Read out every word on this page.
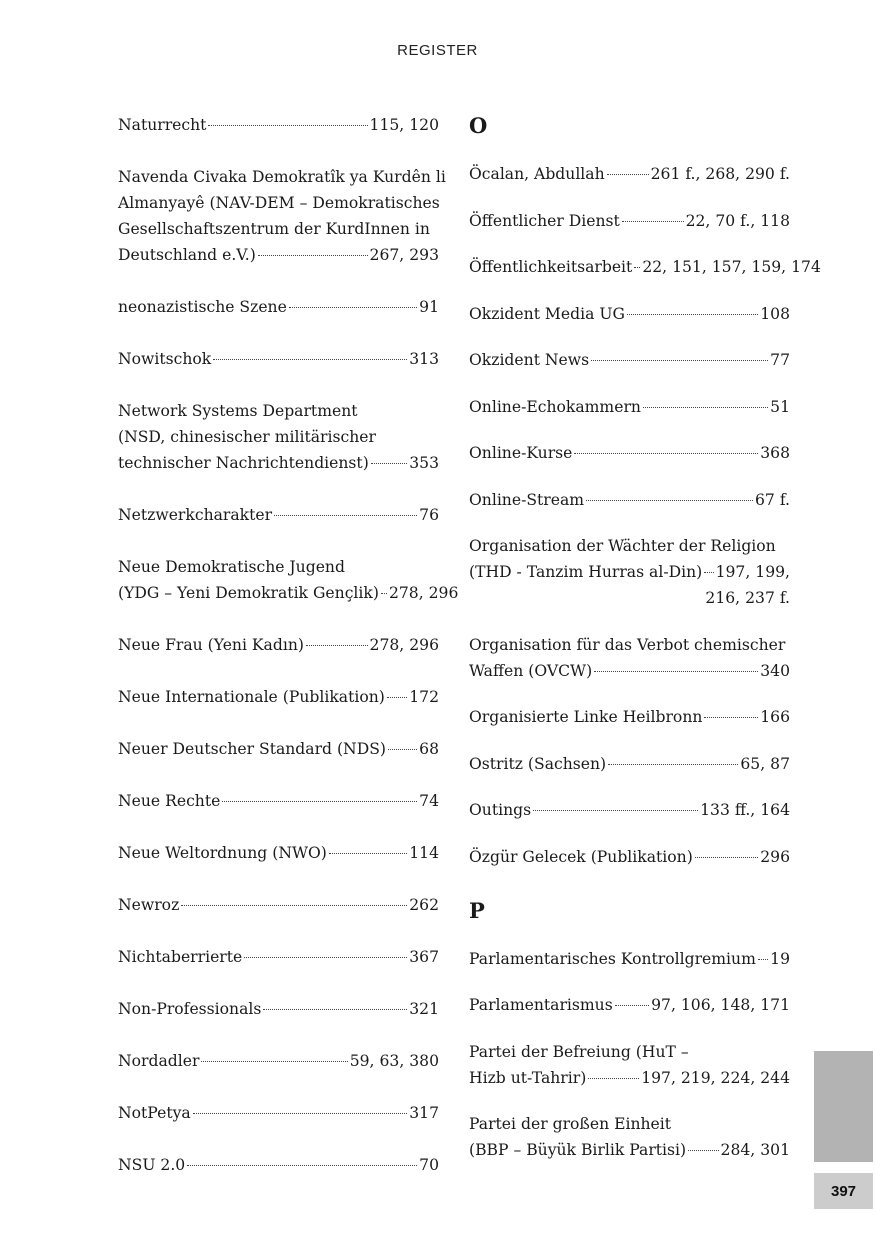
REGISTER
Naturrecht	115, 120
Navenda Civaka Demokratîk ya Kurdên li
Almanyayê (NAV-DEM – Demokratisches
Gesellschaftszentrum der KurdInnen in
Deutschland e.V.)	267, 293
neonazistische Szene	91
Nowitschok	313
Network Systems Department
(NSD, chinesischer militärischer
technischer Nachrichtendienst)	353
Netzwerkcharakter	76
Neue Demokratische Jugend
(YDG – Yeni Demokratik Gençlik) 278, 296
Neue Frau (Yeni Kadın)	278, 296
Neue Internationale (Publikation) 172
Neuer Deutscher Standard (NDS) 68
Neue Rechte	74
Neue Weltordnung (NWO)	114
Newroz	262
Nichtaberrierte	367
Non-Professionals	321
Nordadler	59, 63, 380
NotPetya	317
NSU 2.0	70
O
Öcalan, Abdullah	261 f., 268, 290 f.
Öffentlicher Dienst	22, 70 f., 118
Öffentlichkeitsarbeit 22, 151, 157, 159, 174
Okzident Media UG	108
Okzident News	77
Online-Echokammern	51
Online-Kurse	368
Online-Stream	67 f.
Organisation der Wächter der Religion
(THD - Tanzim Hurras al-Din) 197, 199,
216, 237 f.
Organisation für das Verbot chemischer
Waffen (OVCW)	340
Organisierte Linke Heilbronn	166
Ostritz (Sachsen)	65, 87
Outings	133 ff., 164
Özgür Gelecek (Publikation)	296
P
Parlamentarisches Kontrollgremium 19
Parlamentarismus 97, 106, 148, 171
Partei der Befreiung (HuT –
Hizb ut-Tahrir)	197, 219, 224, 244
Partei der großen Einheit
(BBP – Büyük Birlik Partisi) 284, 301
397
